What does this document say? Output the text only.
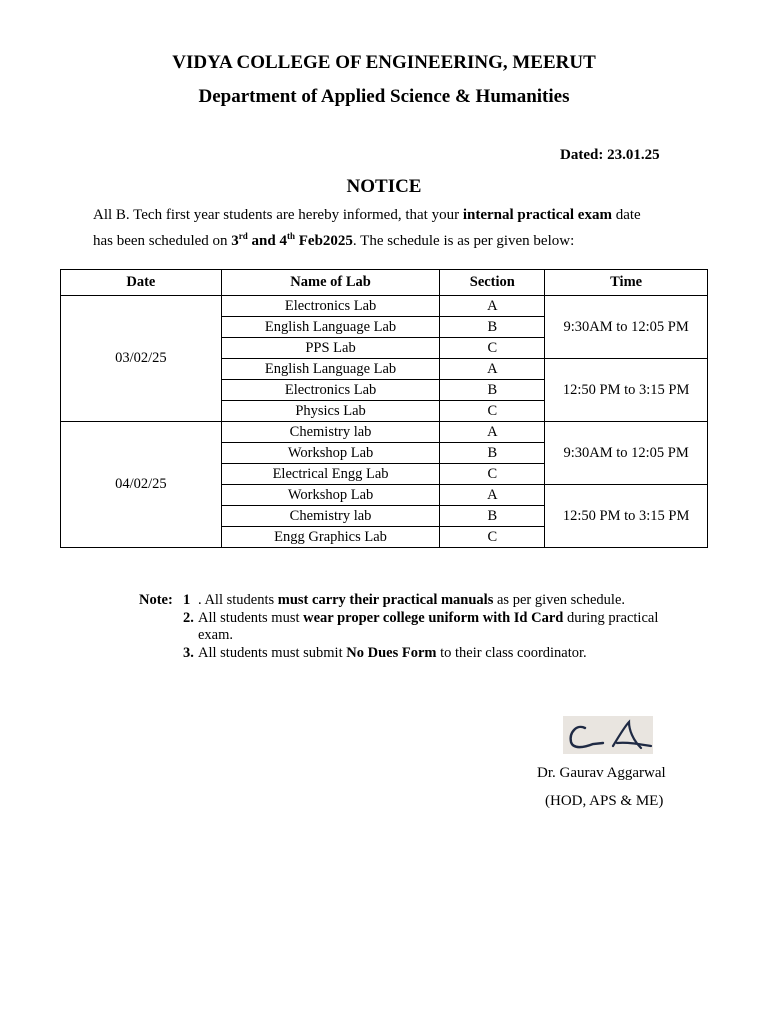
VIDYA COLLEGE OF ENGINEERING, MEERUT
Department of Applied Science & Humanities
Dated: 23.01.25
NOTICE
All B. Tech first year students are hereby informed, that your internal practical exam date
has been scheduled on 3rd and 4th Feb2025. The schedule is as per given below:
Date	Name of Lab	Section	Time
03/02/25	Electronics Lab	A	9:30AM to 12:05 PM
	English Language Lab	B	
	PPS Lab	C	
	English Language Lab	A	12:50 PM to 3:15 PM
	Electronics Lab	B	
	Physics Lab	C	
04/02/25	Chemistry lab	A	9:30AM to 12:05 PM
	Workshop Lab	B	
	Electrical Engg Lab	C	
	Workshop Lab	A	12:50 PM to 3:15 PM
	Chemistry lab	B	
	Engg Graphics Lab	C	
Note: 1 . All students must carry their practical manuals as per given schedule.
2. All students must wear proper college uniform with Id Card during practical exam.
3. All students must submit No Dues Form to their class coordinator.
Dr. Gaurav Aggarwal
(HOD, APS & ME)
